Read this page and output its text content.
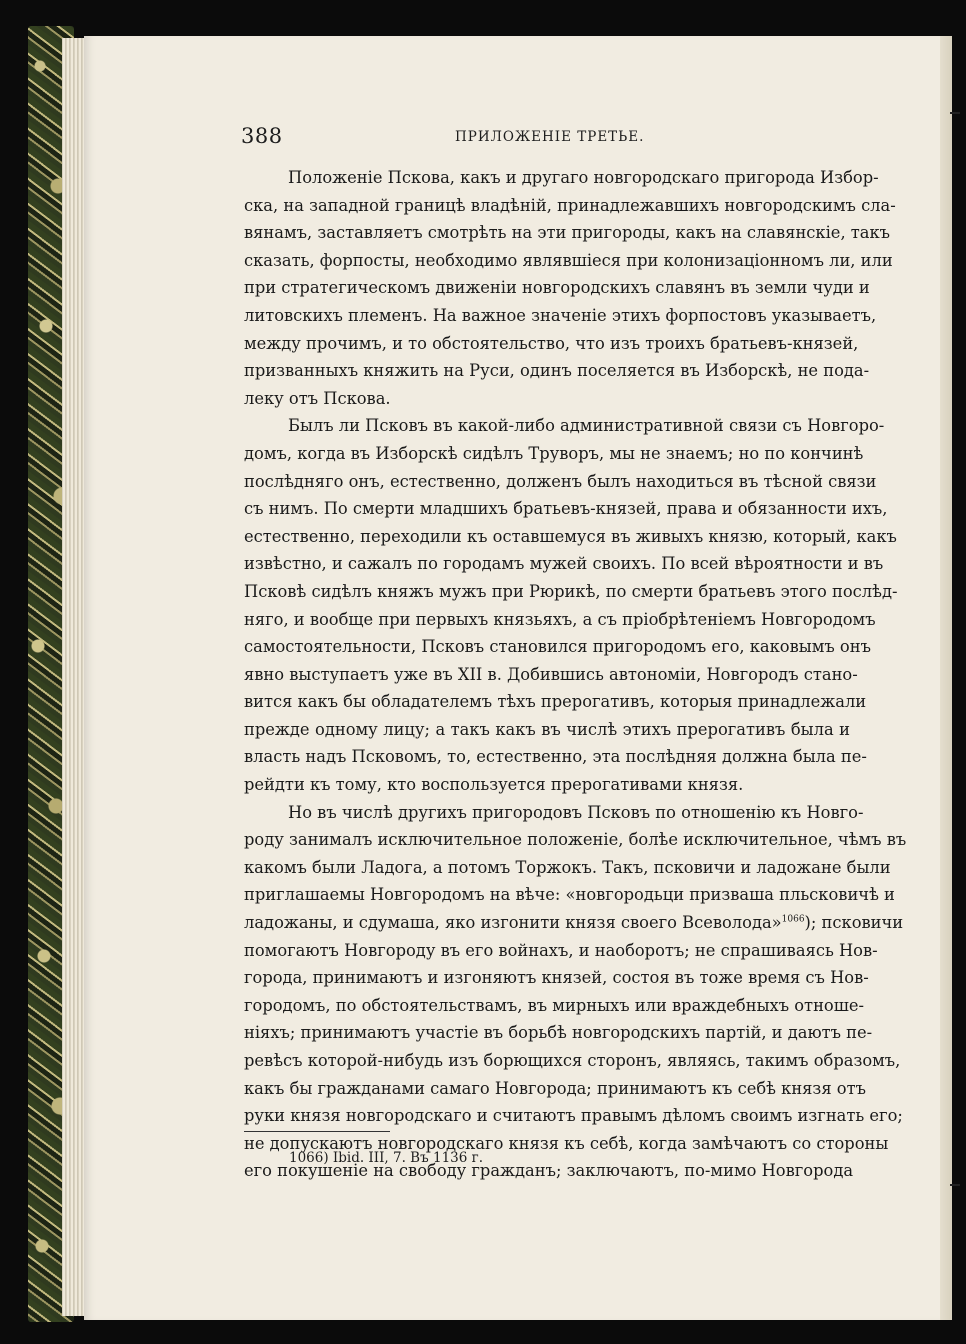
388	ПРИЛОЖЕНІЕ ТРЕТЬЕ.
Положеніе Пскова, какъ и другаго новгородскаго пригорода Избор-
ска, на западной границѣ владѣній, принадлежавшихъ новгородскимъ сла-
вянамъ, заставляетъ смотрѣть на эти пригороды, какъ на славянскіе, такъ
сказать, форпосты, необходимо являвшіеся при колонизаціонномъ ли, или
при стратегическомъ движеніи новгородскихъ славянъ въ земли чуди и
литовскихъ племенъ. На важное значеніе этихъ форпостовъ указываетъ,
между прочимъ, и то обстоятельство, что изъ троихъ братьевъ-князей,
призванныхъ княжить на Руси, одинъ поселяется въ Изборскѣ, не пода-
леку отъ Пскова.
Былъ ли Псковъ въ какой-либо административной связи съ Новгоро-
домъ, когда въ Изборскѣ сидѣлъ Труворъ, мы не знаемъ; но по кончинѣ
послѣдняго онъ, естественно, долженъ былъ находиться въ тѣсной связи
съ нимъ. По смерти младшихъ братьевъ-князей, права и обязанности ихъ,
естественно, переходили къ оставшемуся въ живыхъ князю, который, какъ
извѣстно, и сажалъ по городамъ мужей своихъ. По всей вѣроятности и въ
Псковѣ сидѣлъ княжъ мужъ при Рюрикѣ, по смерти братьевъ этого послѣд-
няго, и вообще при первыхъ князьяхъ, а съ пріобрѣтеніемъ Новгородомъ
самостоятельности, Псковъ становился пригородомъ его, каковымъ онъ
явно выступаетъ уже въ XII в. Добившись автономіи, Новгородъ стано-
вится какъ бы обладателемъ тѣхъ прерогативъ, которыя принадлежали
прежде одному лицу; а такъ какъ въ числѣ этихъ прерогативъ была и
власть надъ Псковомъ, то, естественно, эта послѣдняя должна была пе-
рейдти къ тому, кто воспользуется прерогативами князя.
Но въ числѣ другихъ пригородовъ Псковъ по отношенію къ Новго-
роду занималъ исключительное положеніе, болѣе исключительное, чѣмъ въ
какомъ были Ладога, а потомъ Торжокъ. Такъ, псковичи и ладожане были
приглашаемы Новгородомъ на вѣче: «новгородьци призваша пльсковичѣ и
ладожаны, и сдумаша, яко изгонити князя своего Всеволода»$^{1066}$); псковичи
помогаютъ Новгороду въ его войнахъ, и наоборотъ; не спрашиваясь Нов-
города, принимаютъ и изгоняютъ князей, состоя въ тоже время съ Нов-
городомъ, по обстоятельствамъ, въ мирныхъ или враждебныхъ отноше-
ніяхъ; принимаютъ участіе въ борьбѣ новгородскихъ партій, и даютъ пе-
ревѣсъ которой-нибудь изъ борющихся сторонъ, являясь, такимъ образомъ,
какъ бы гражданами самаго Новгорода; принимаютъ къ себѣ князя отъ
руки князя новгородскаго и считаютъ правымъ дѣломъ своимъ изгнать его;
не допускаютъ новгородскаго князя къ себѣ, когда замѣчаютъ со стороны
его покушеніе на свободу гражданъ; заключаютъ, по-мимо Новгорода
1066) Ibid. III, 7. Въ 1136 г.
